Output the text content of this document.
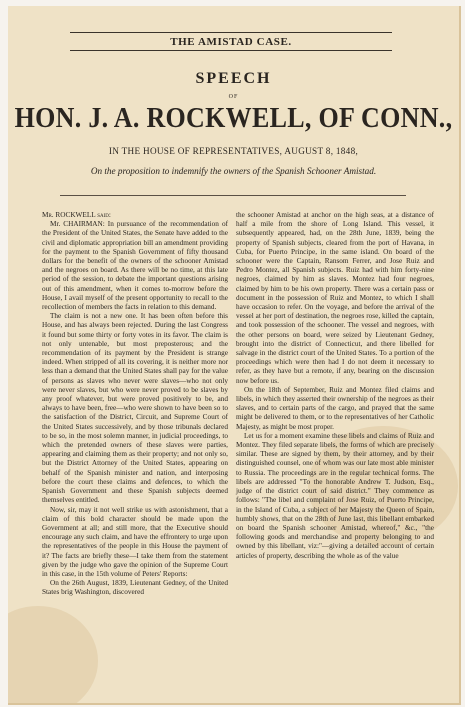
THE AMISTAD CASE.
SPEECH
OF
HON. J. A. ROCKWELL, OF CONN.,
IN THE HOUSE OF REPRESENTATIVES, AUGUST 8, 1848,
On the proposition to indemnify the owners of the Spanish Schooner Amistad.

Mr. ROCKWELL said:

Mr. CHAIRMAN: In pursuance of the recommendation of the President of the United States, the Senate have added to the civil and diplomatic appropriation bill an amendment providing for the payment to the Spanish Government of fifty thousand dollars for the benefit of the owners of the schooner Amistad and the negroes on board. As there will be no time, at this late period of the session, to debate the important questions arising out of this amendment, when it comes to-morrow before the House, I avail myself of the present opportunity to recall to the recollection of members the facts in relation to this demand.

The claim is not a new one. It has been often before this House, and has always been rejected. During the last Congress it found but some thirty or forty votes in its favor. The claim is not only untenable, but most preposterous; and the recommendation of its payment by the President is strange indeed. When stripped of all its covering, it is neither more nor less than a demand that the United States shall pay for the value of persons as slaves who never were slaves—who not only were never slaves, but who were never proved to be slaves by any proof whatever, but were proved positively to be, and always to have been, free—who were shown to have been so to the satisfaction of the District, Circuit, and Supreme Court of the United States successively, and by those tribunals declared to be so, in the most solemn manner, in judicial proceedings, to which the pretended owners of these slaves were parties, appearing and claiming them as their property; and not only so, but the District Attorney of the United States, appearing on behalf of the Spanish minister and nation, and interposing before the court these claims and defences, to which the Spanish Government and these Spanish subjects deemed themselves entitled.

Now, sir, may it not well strike us with astonishment, that a claim of this bold character should be made upon the Government at all; and still more, that the Executive should encourage any such claim, and have the effrontery to urge upon the representatives of the people in this House the payment of it? The facts are briefly these—I take them from the statement given by the judge who gave the opinion of the Supreme Court in this case, in the 15th volume of Peters' Reports:

On the 26th August, 1839, Lieutenant Gedney, of the United States brig Washington, discovered

the schooner Amistad at anchor on the high seas, at a distance of half a mile from the shore of Long Island. This vessel, it subsequently appeared, had, on the 28th June, 1839, being the property of Spanish subjects, cleared from the port of Havana, in Cuba, for Puerto Principe, in the same island. On board of the schooner were the Captain, Ransom Ferrer, and Jose Ruiz and Pedro Montez, all Spanish subjects. Ruiz had with him forty-nine negroes, claimed by him as slaves. Montez had four negroes, claimed by him to be his own property. There was a certain pass or document in the possession of Ruiz and Montez, to which I shall have occasion to refer. On the voyage, and before the arrival of the vessel at her port of destination, the negroes rose, killed the captain, and took possession of the schooner. The vessel and negroes, with the other persons on board, were seized by Lieutenant Gedney, brought into the district of Connecticut, and there libelled for salvage in the district court of the United States. To a portion of the proceedings which were then had I do not deem it necessary to refer, as they have but a remote, if any, bearing on the discussion now before us.

On the 18th of September, Ruiz and Montez filed claims and libels, in which they asserted their ownership of the negroes as their slaves, and to certain parts of the cargo, and prayed that the same might be delivered to them, or to the representatives of her Catholic Majesty, as might be most proper.

Let us for a moment examine these libels and claims of Ruiz and Montez. They filed separate libels, the forms of which are precisely similar. These are signed by them, by their attorney, and by their distinguished counsel, one of whom was our late most able minister to Russia. The proceedings are in the regular technical forms. The libels are addressed "To the honorable Andrew T. Judson, Esq., judge of the district court of said district." They commence as follows: "The libel and complaint of Jose Ruiz, of Puerto Principe, in the Island of Cuba, a subject of her Majesty the Queen of Spain, humbly shows, that on the 28th of June last, this libellant embarked on board the Spanish schooner Amistad, whereof," &c., "the following goods and merchandise and property belonging to and owned by this libellant, viz:"—giving a detailed account of certain articles of property, describing the whole as of the value
